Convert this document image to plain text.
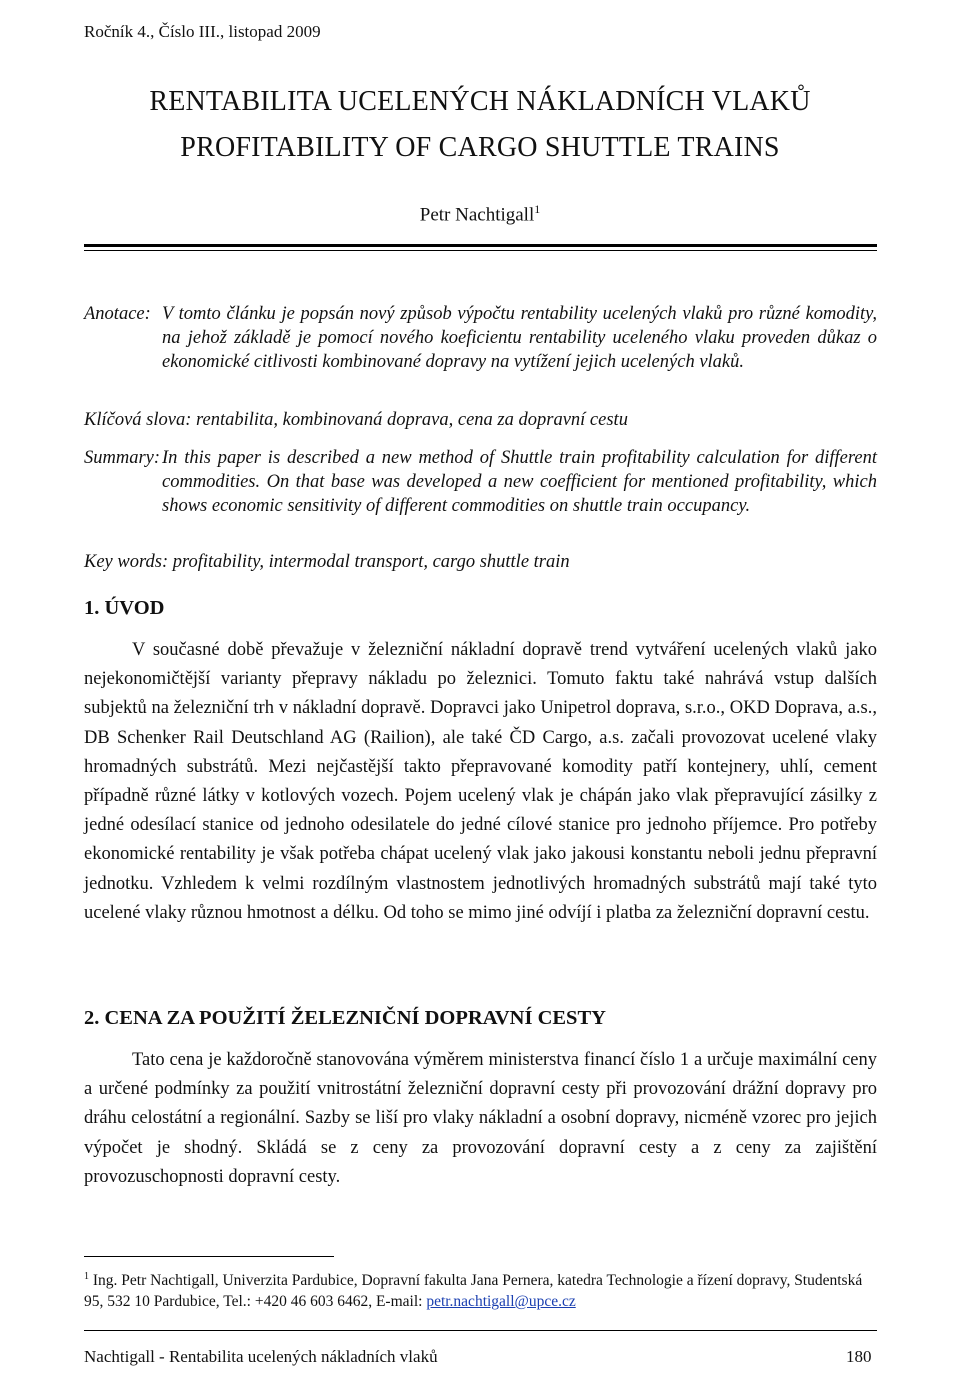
Ročník 4., Číslo III., listopad 2009
RENTABILITA UCELENÝCH NÁKLADNÍCH VLAKŮ
PROFITABILITY OF CARGO SHUTTLE TRAINS
Petr Nachtigall$^1$
Anotace: V tomto článku je popsán nový způsob výpočtu rentability ucelených vlaků pro různé komodity, na jehož základě je pomocí nového koeficientu rentability uceleného vlaku proveden důkaz o ekonomické citlivosti kombinované dopravy na vytížení jejich ucelených vlaků.
Klíčová slova: rentabilita, kombinovaná doprava, cena za dopravní cestu
Summary: In this paper is described a new method of Shuttle train profitability calculation for different commodities. On that base was developed a new coefficient for mentioned profitability, which shows economic sensitivity of different commodities on shuttle train occupancy.
Key words: profitability, intermodal transport, cargo shuttle train
1. ÚVOD
V současné době převažuje v železniční nákladní dopravě trend vytváření ucelených vlaků jako nejekonomičtější varianty přepravy nákladu po železnici. Tomuto faktu také nahrává vstup dalších subjektů na železniční trh v nákladní dopravě. Dopravci jako Unipetrol doprava, s.r.o., OKD Doprava, a.s., DB Schenker Rail Deutschland AG (Railion), ale také ČD Cargo, a.s. začali provozovat ucelené vlaky hromadných substrátů. Mezi nejčastější takto přepravované komodity patří kontejnery, uhlí, cement případně různé látky v kotlových vozech. Pojem ucelený vlak je chápán jako vlak přepravující zásilky z jedné odesílací stanice od jednoho odesilatele do jedné cílové stanice pro jednoho příjemce. Pro potřeby ekonomické rentability je však potřeba chápat ucelený vlak jako jakousi konstantu neboli jednu přepravní jednotku. Vzhledem k velmi rozdílným vlastnostem jednotlivých hromadných substrátů mají také tyto ucelené vlaky různou hmotnost a délku. Od toho se mimo jiné odvíjí i platba za železniční dopravní cestu.
2. CENA ZA POUŽITÍ ŽELEZNIČNÍ DOPRAVNÍ CESTY
Tato cena je každoročně stanovována výměrem ministerstva financí číslo 1 a určuje maximální ceny a určené podmínky za použití vnitrostátní železniční dopravní cesty při provozování drážní dopravy pro dráhu celostátní a regionální. Sazby se liší pro vlaky nákladní a osobní dopravy, nicméně vzorec pro jejich výpočet je shodný. Skládá se z ceny za provozování dopravní cesty a z ceny za zajištění provozuschopnosti dopravní cesty.
$^1$ Ing. Petr Nachtigall, Univerzita Pardubice, Dopravní fakulta Jana Pernera, katedra Technologie a řízení dopravy, Studentská 95, 532 10 Pardubice, Tel.: +420 46 603 6462, E-mail: petr.nachtigall@upce.cz
Nachtigall - Rentabilita ucelených nákladních vlaků	180
